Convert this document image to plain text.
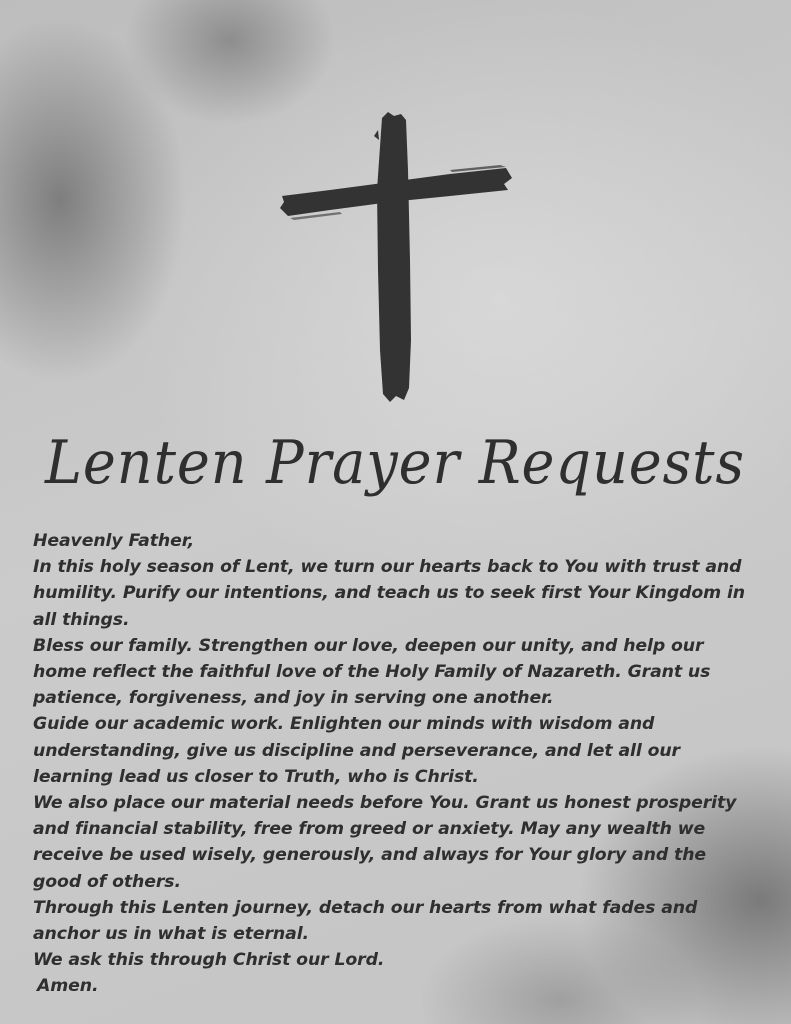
Lenten Prayer Requests

Heavenly Father,

In this holy season of Lent, we turn our hearts back to You with trust and humility. Purify our intentions, and teach us to seek first Your Kingdom in all things.

Bless our family. Strengthen our love, deepen our unity, and help our home reflect the faithful love of the Holy Family of Nazareth. Grant us patience, forgiveness, and joy in serving one another.

Guide our academic work. Enlighten our minds with wisdom and understanding, give us discipline and perseverance, and let all our learning lead us closer to Truth, who is Christ.

We also place our material needs before You. Grant us honest prosperity and financial stability, free from greed or anxiety. May any wealth we receive be used wisely, generously, and always for Your glory and the good of others.

Through this Lenten journey, detach our hearts from what fades and anchor us in what is eternal.

We ask this through Christ our Lord.

Amen.
